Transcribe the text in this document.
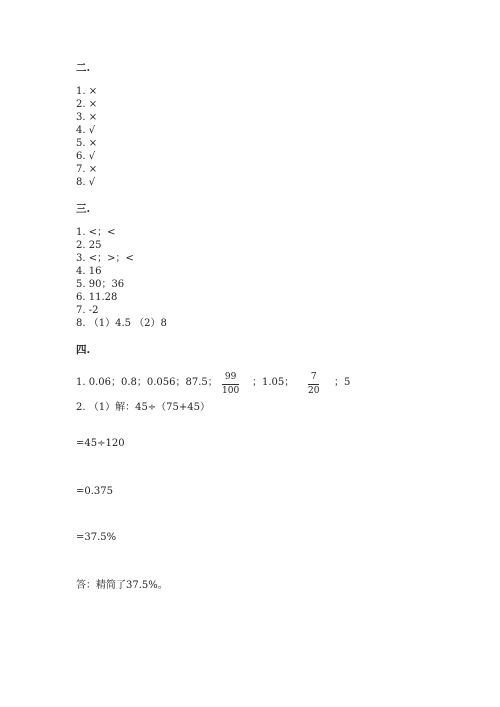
二.
1. ×
2. ×
3. ×
4. √
5. ×
6. √
7. ×
8. √
三.
1. <；<
2. 25
3. <；>；<
4. 16
5. 90；36
6. 11.28
7. -2
8. （1）4.5 （2）8
四.
1. 0.06；0.8；0.056；87.5； 99
100
；1.05； 7
20
；5
2. （1）解：45÷（75+45）
=45÷120
=0.375
=37.5%
答：精简了37.5%。
